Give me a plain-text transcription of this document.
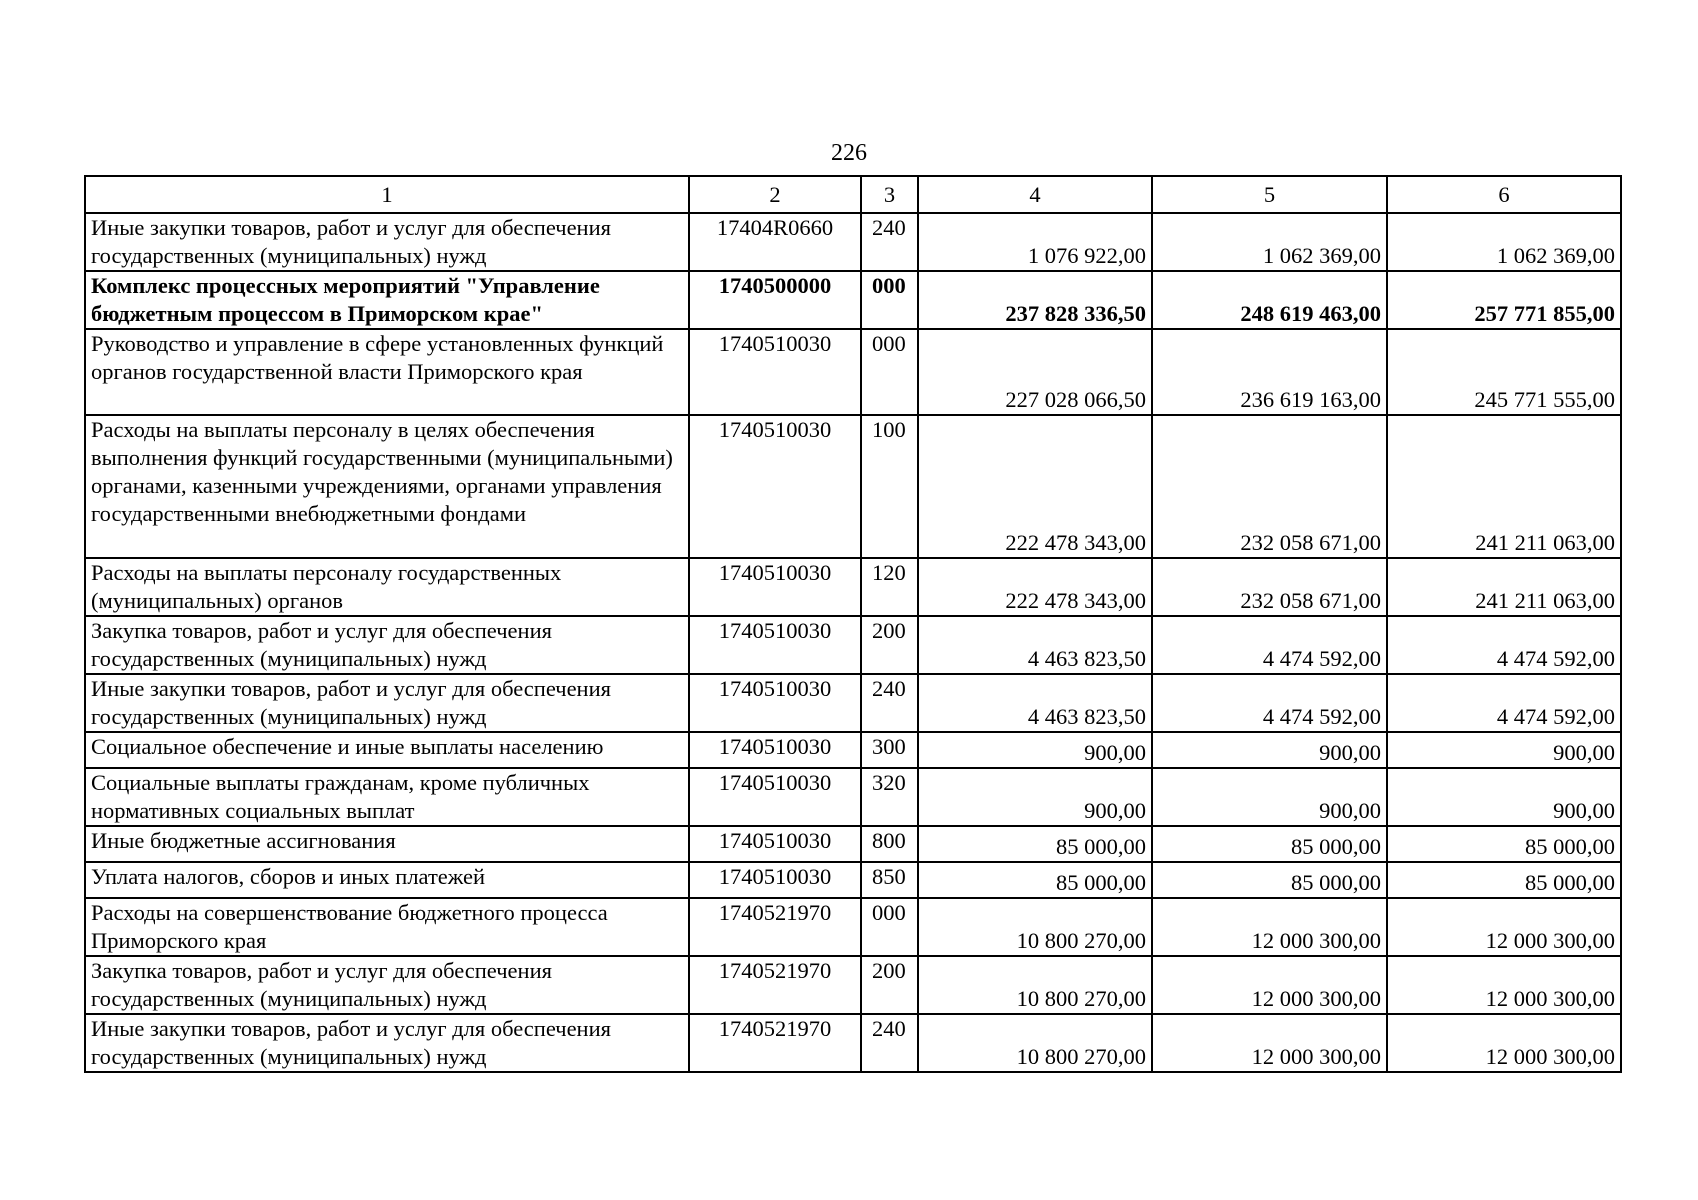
226
1	2	3	4	5	6
Иные закупки товаров, работ и услуг для обеспечения государственных (муниципальных) нужд	17404R0660	240	1 076 922,00	1 062 369,00	1 062 369,00
Комплекс процессных мероприятий "Управление бюджетным процессом в Приморском крае"	1740500000	000	237 828 336,50	248 619 463,00	257 771 855,00
Руководство и управление в сфере установленных функций органов государственной власти Приморского края	1740510030	000	227 028 066,50	236 619 163,00	245 771 555,00
Расходы на выплаты персоналу в целях обеспечения выполнения функций государственными (муниципальными) органами, казенными учреждениями, органами управления государственными внебюджетными фондами	1740510030	100	222 478 343,00	232 058 671,00	241 211 063,00
Расходы на выплаты персоналу государственных (муниципальных) органов	1740510030	120	222 478 343,00	232 058 671,00	241 211 063,00
Закупка товаров, работ и услуг для обеспечения государственных (муниципальных) нужд	1740510030	200	4 463 823,50	4 474 592,00	4 474 592,00
Иные закупки товаров, работ и услуг для обеспечения государственных (муниципальных) нужд	1740510030	240	4 463 823,50	4 474 592,00	4 474 592,00
Социальное обеспечение и иные выплаты населению	1740510030	300	900,00	900,00	900,00
Социальные выплаты гражданам, кроме публичных нормативных социальных выплат	1740510030	320	900,00	900,00	900,00
Иные бюджетные ассигнования	1740510030	800	85 000,00	85 000,00	85 000,00
Уплата налогов, сборов и иных платежей	1740510030	850	85 000,00	85 000,00	85 000,00
Расходы на совершенствование бюджетного процесса Приморского края	1740521970	000	10 800 270,00	12 000 300,00	12 000 300,00
Закупка товаров, работ и услуг для обеспечения государственных (муниципальных) нужд	1740521970	200	10 800 270,00	12 000 300,00	12 000 300,00
Иные закупки товаров, работ и услуг для обеспечения государственных (муниципальных) нужд	1740521970	240	10 800 270,00	12 000 300,00	12 000 300,00
